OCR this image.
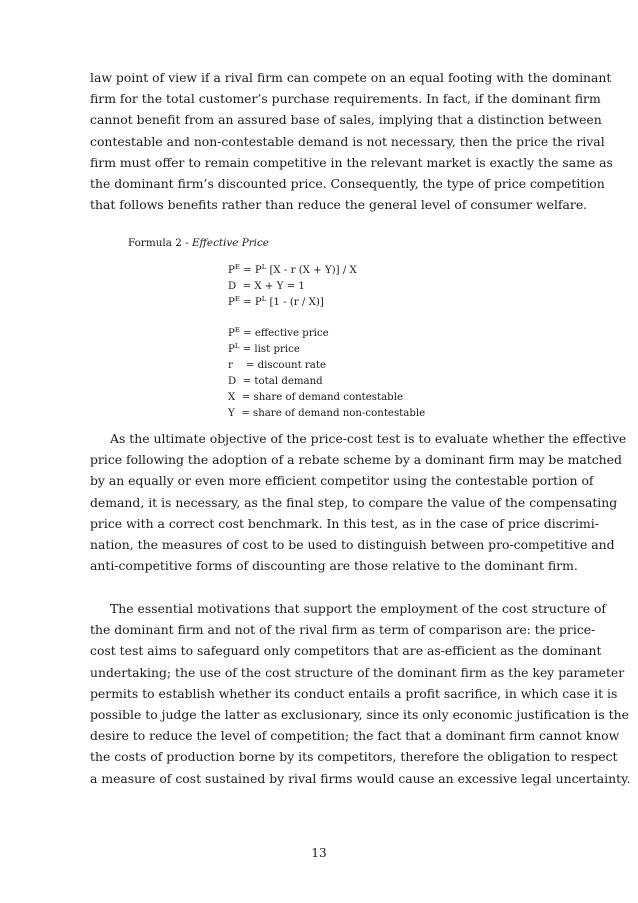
law point of view if a rival firm can compete on an equal footing with the dominant
firm for the total customer’s purchase requirements. In fact, if the dominant firm
cannot benefit from an assured base of sales, implying that a distinction between
contestable and non-contestable demand is not necessary, then the price the rival
firm must offer to remain competitive in the relevant market is exactly the same as
the dominant firm’s discounted price. Consequently, the type of price competition
that follows benefits rather than reduce the general level of consumer welfare.

Formula 2 - Effective Price

$P^E = P^L$ [X - r (X + Y)] / X
D  = X + Y = 1
$P^E = P^L$ [1 - (r / X)]
$P^E$ = effective price
$P^L$ = list price
r    = discount rate
D  = total demand
X  = share of demand contestable
Y  = share of demand non-contestable
As the ultimate objective of the price-cost test is to evaluate whether the effective
price following the adoption of a rebate scheme by a dominant firm may be matched
by an equally or even more efficient competitor using the contestable portion of
demand, it is necessary, as the final step, to compare the value of the compensating
price with a correct cost benchmark. In this test, as in the case of price discrimi-
nation, the measures of cost to be used to distinguish between pro-competitive and
anti-competitive forms of discounting are those relative to the dominant firm.
The essential motivations that support the employment of the cost structure of
the dominant firm and not of the rival firm as term of comparison are: the price-
cost test aims to safeguard only competitors that are as-efficient as the dominant
undertaking; the use of the cost structure of the dominant firm as the key parameter
permits to establish whether its conduct entails a profit sacrifice, in which case it is
possible to judge the latter as exclusionary, since its only economic justification is the
desire to reduce the level of competition; the fact that a dominant firm cannot know
the costs of production borne by its competitors, therefore the obligation to respect
a measure of cost sustained by rival firms would cause an excessive legal uncertainty.
13
